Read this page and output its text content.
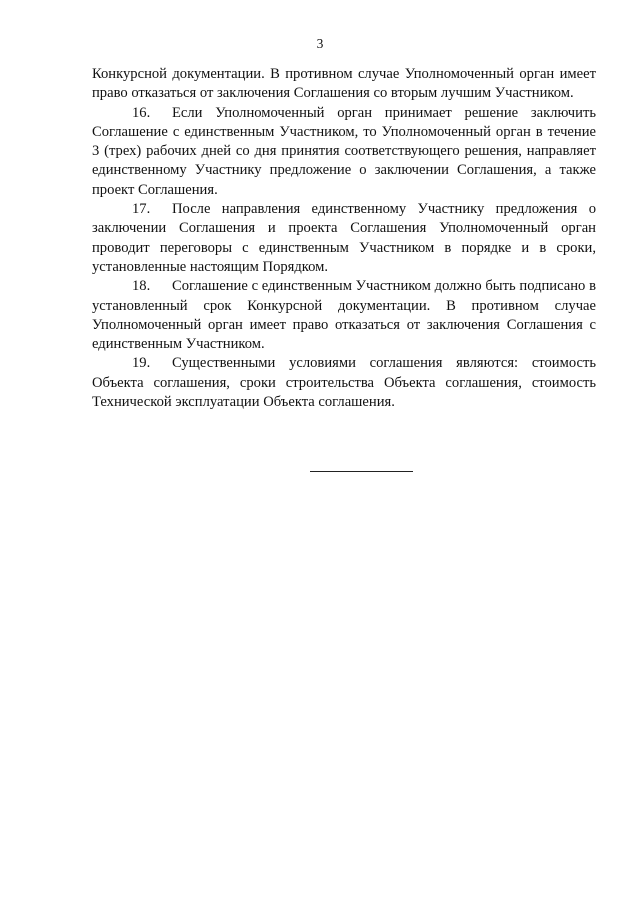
3

Конкурсной документации. В противном случае Уполномоченный орган имеет право отказаться от заключения Соглашения со вторым лучшим Участником.

16. Если Уполномоченный орган принимает решение заключить Соглашение с единственным Участником, то Уполномоченный орган в течение 3 (трех) рабочих дней со дня принятия соответствующего решения, направляет единственному Участнику предложение о заключении Соглашения, а также проект Соглашения.

17. После направления единственному Участнику предложения о заключении Соглашения и проекта Соглашения Уполномоченный орган проводит переговоры с единственным Участником в порядке и в сроки, установленные настоящим Порядком.

18. Соглашение с единственным Участником должно быть подписано в установленный срок Конкурсной документации. В противном случае Уполномоченный орган имеет право отказаться от заключения Соглашения с единственным Участником.

19. Существенными условиями соглашения являются: стоимость Объекта соглашения, сроки строительства Объекта соглашения, стоимость Технической эксплуатации Объекта соглашения.
